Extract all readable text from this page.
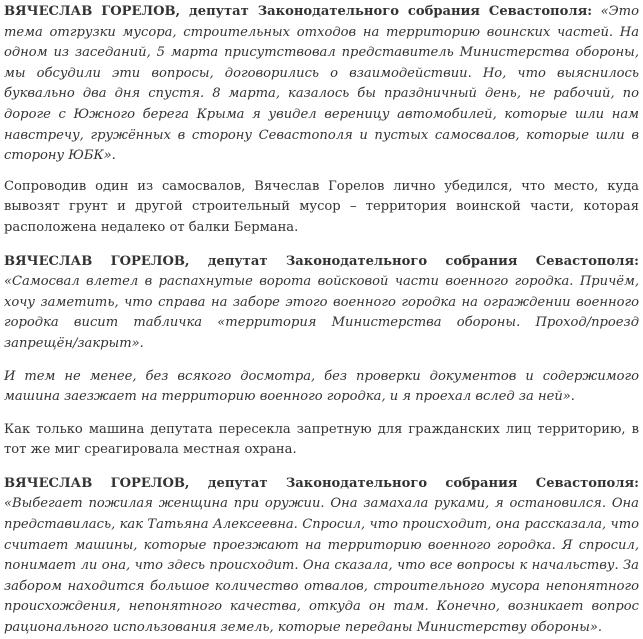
ВЯЧЕСЛАВ ГОРЕЛОВ, депутат Законодательного собрания Севастополя: «Это тема отгрузки мусора, строительных отходов на территорию воинских частей. На одном из заседаний, 5 марта присутствовал представитель Министерства обороны, мы обсудили эти вопросы, договорились о взаимодействии. Но, что выяснилось буквально два дня спустя. 8 марта, казалось бы праздничный день, не рабочий, по дороге с Южного берега Крыма я увидел вереницу автомобилей, которые шли нам навстречу, гружённых в сторону Севастополя и пустых самосвалов, которые шли в сторону ЮБК».

Сопроводив один из самосвалов, Вячеслав Горелов лично убедился, что место, куда вывозят грунт и другой строительный мусор – территория воинской части, которая расположена недалеко от балки Бермана.

ВЯЧЕСЛАВ ГОРЕЛОВ, депутат Законодательного собрания Севастополя: «Самосвал влетел в распахнутые ворота войсковой части военного городка. Причём, хочу заметить, что справа на заборе этого военного городка на ограждении военного городка висит табличка «территория Министерства обороны. Проход/проезд запрещён/закрыт».

И тем не менее, без всякого досмотра, без проверки документов и содержимого машина заезжает на территорию военного городка, и я проехал вслед за ней».

Как только машина депутата пересекла запретную для гражданских лиц территорию, в тот же миг среагировала местная охрана.

ВЯЧЕСЛАВ ГОРЕЛОВ, депутат Законодательного собрания Севастополя: «Выбегает пожилая женщина при оружии. Она замахала руками, я остановился. Она представилась, как Татьяна Алексеевна. Спросил, что происходит, она рассказала, что считает машины, которые проезжают на территорию военного городка. Я спросил, понимает ли она, что здесь происходит. Она сказала, что все вопросы к начальству. За забором находится большое количество отвалов, строительного мусора непонятного происхождения, непонятного качества, откуда он там. Конечно, возникает вопрос рационального использования земель, которые переданы Министерству обороны».
